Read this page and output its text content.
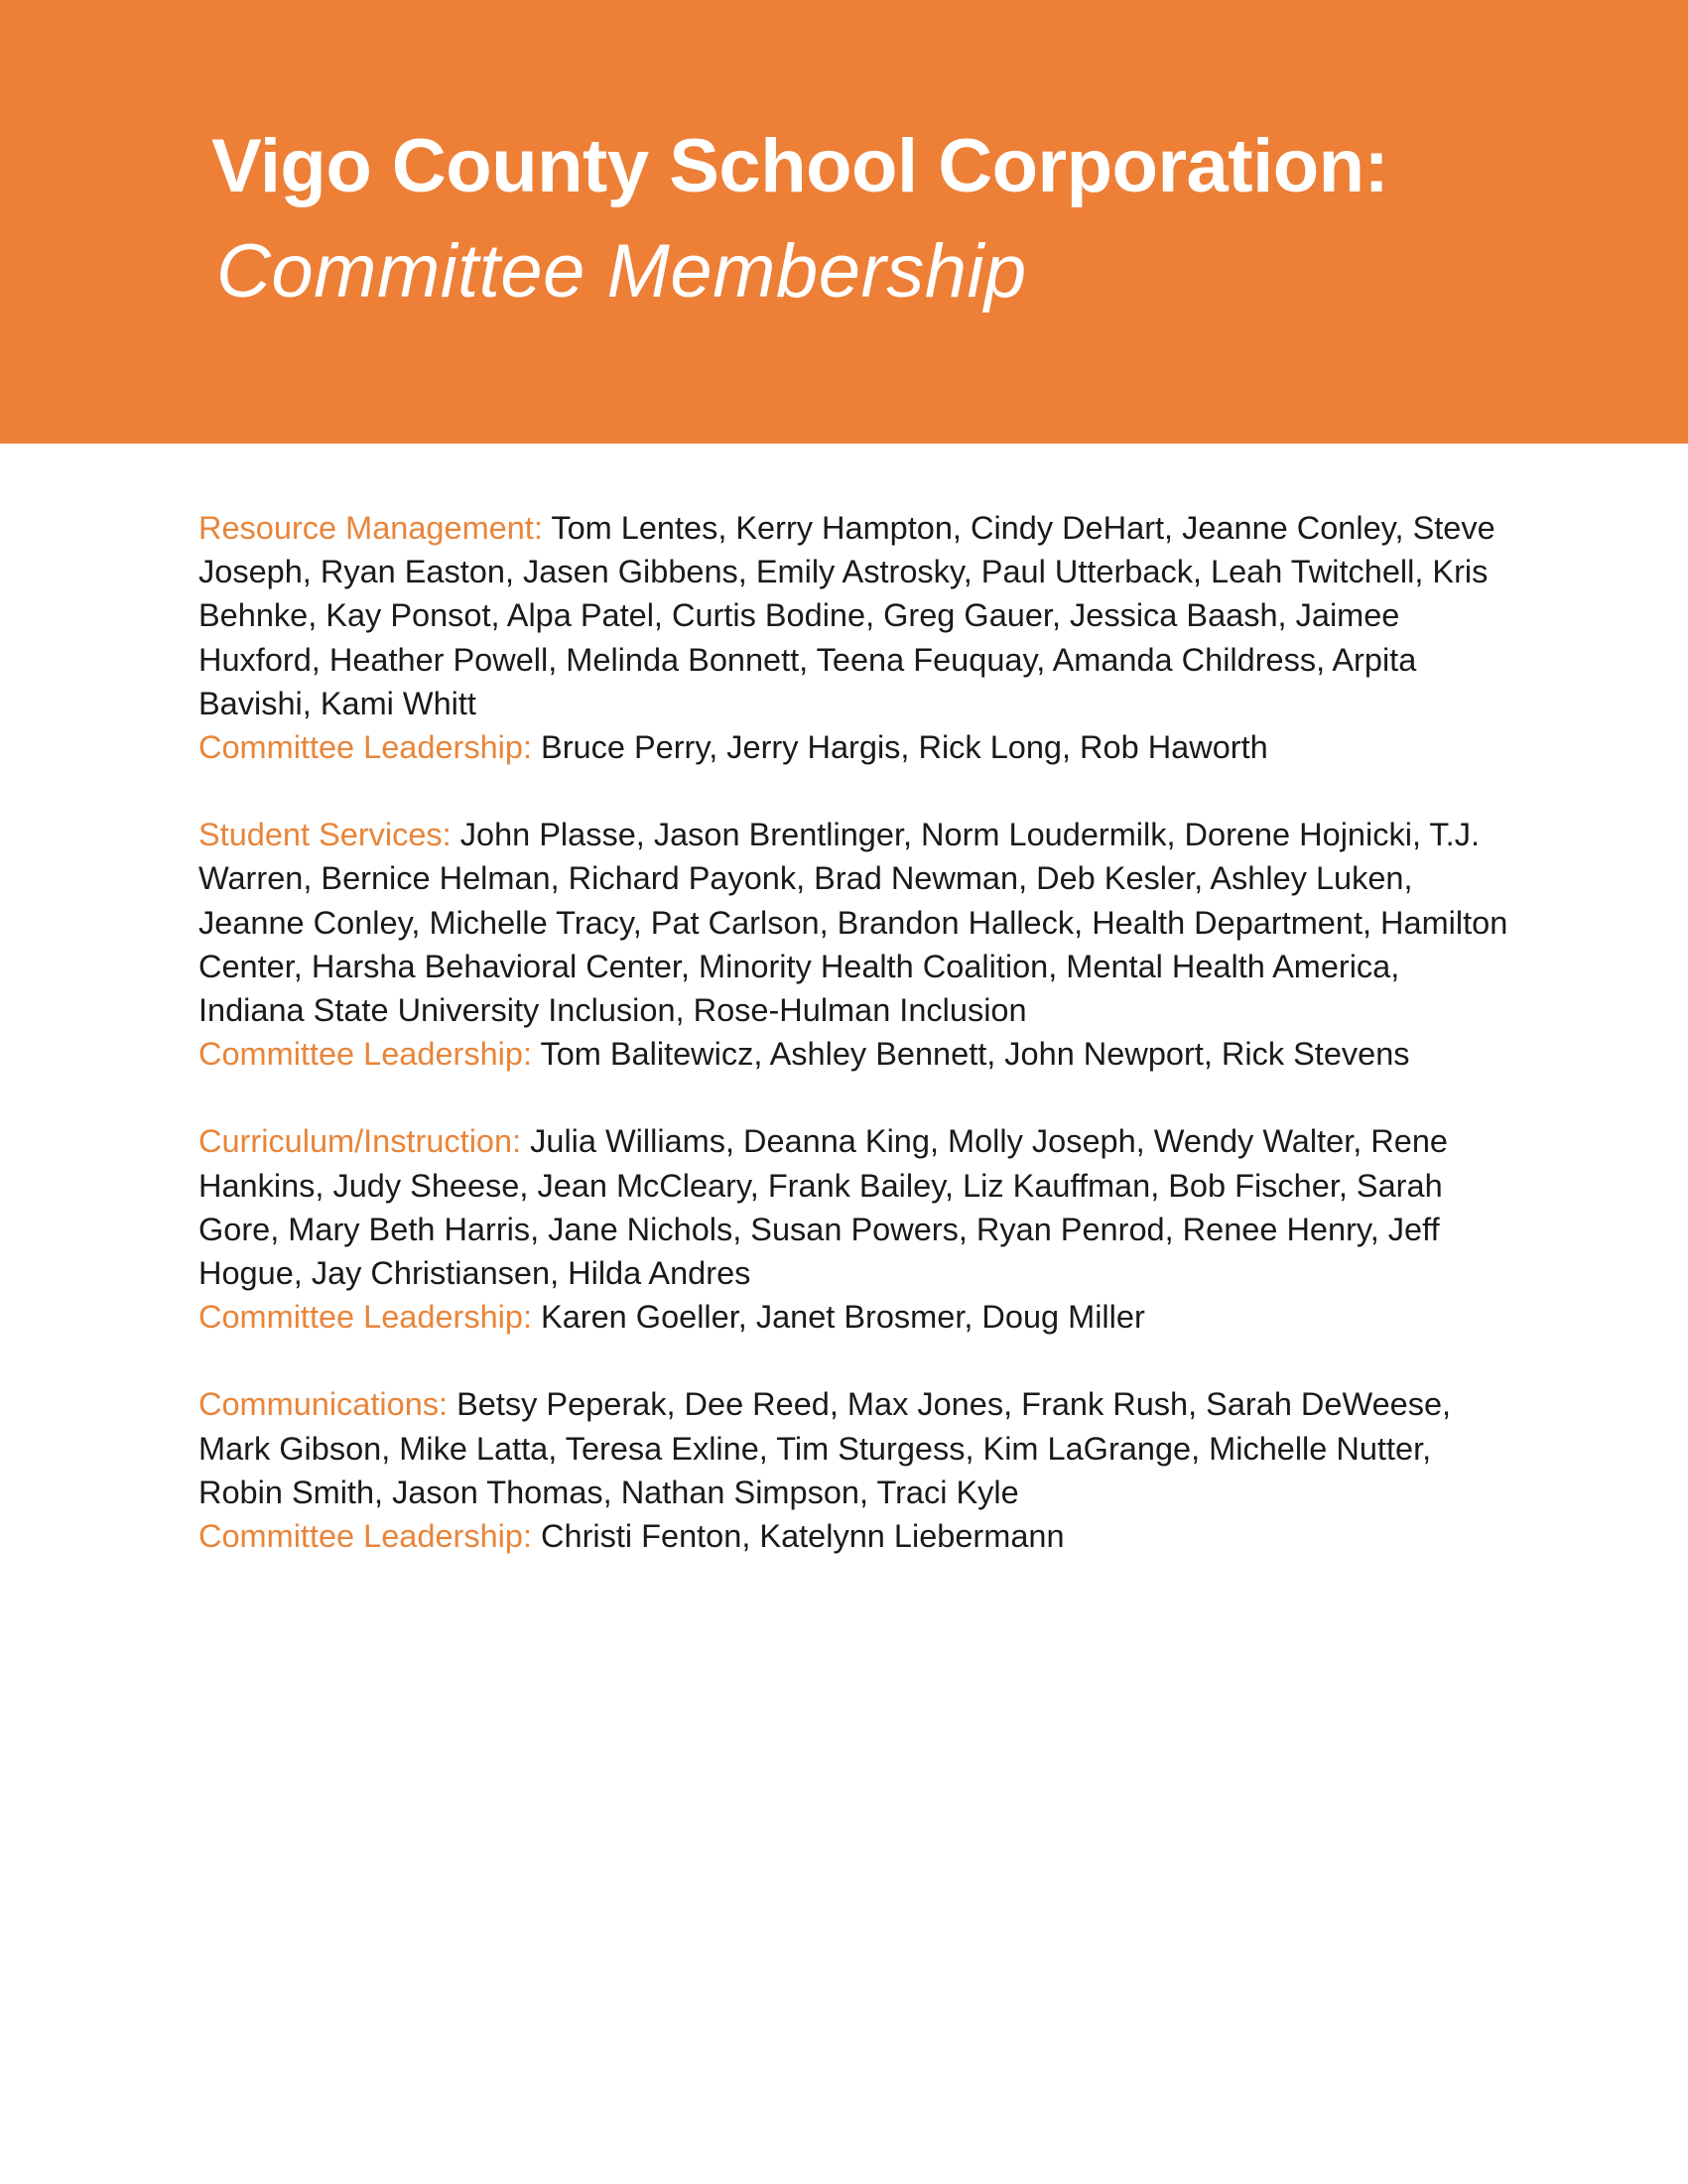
Vigo County School Corporation:
Committee Membership

Resource Management: Tom Lentes, Kerry Hampton, Cindy DeHart, Jeanne Conley, Steve Joseph, Ryan Easton, Jasen Gibbens, Emily Astrosky, Paul Utterback, Leah Twitchell, Kris Behnke, Kay Ponsot, Alpa Patel, Curtis Bodine, Greg Gauer, Jessica Baash, Jaimee Huxford, Heather Powell, Melinda Bonnett, Teena Feuquay, Amanda Childress, Arpita Bavishi, Kami Whitt

Committee Leadership: Bruce Perry, Jerry Hargis, Rick Long, Rob Haworth

Student Services: John Plasse, Jason Brentlinger, Norm Loudermilk, Dorene Hojnicki, T.J. Warren, Bernice Helman, Richard Payonk, Brad Newman, Deb Kesler, Ashley Luken, Jeanne Conley, Michelle Tracy, Pat Carlson, Brandon Halleck, Health Department, Hamilton Center, Harsha Behavioral Center, Minority Health Coalition, Mental Health America, Indiana State University Inclusion, Rose-Hulman Inclusion

Committee Leadership: Tom Balitewicz, Ashley Bennett, John Newport, Rick Stevens

Curriculum/Instruction: Julia Williams, Deanna King, Molly Joseph, Wendy Walter, Rene Hankins, Judy Sheese, Jean McCleary, Frank Bailey, Liz Kauffman, Bob Fischer, Sarah Gore, Mary Beth Harris, Jane Nichols, Susan Powers, Ryan Penrod, Renee Henry, Jeff Hogue, Jay Christiansen, Hilda Andres

Committee Leadership: Karen Goeller, Janet Brosmer, Doug Miller

Communications: Betsy Peperak, Dee Reed, Max Jones, Frank Rush, Sarah DeWeese, Mark Gibson, Mike Latta, Teresa Exline, Tim Sturgess, Kim LaGrange, Michelle Nutter, Robin Smith, Jason Thomas, Nathan Simpson, Traci Kyle

Committee Leadership: Christi Fenton, Katelynn Liebermann
